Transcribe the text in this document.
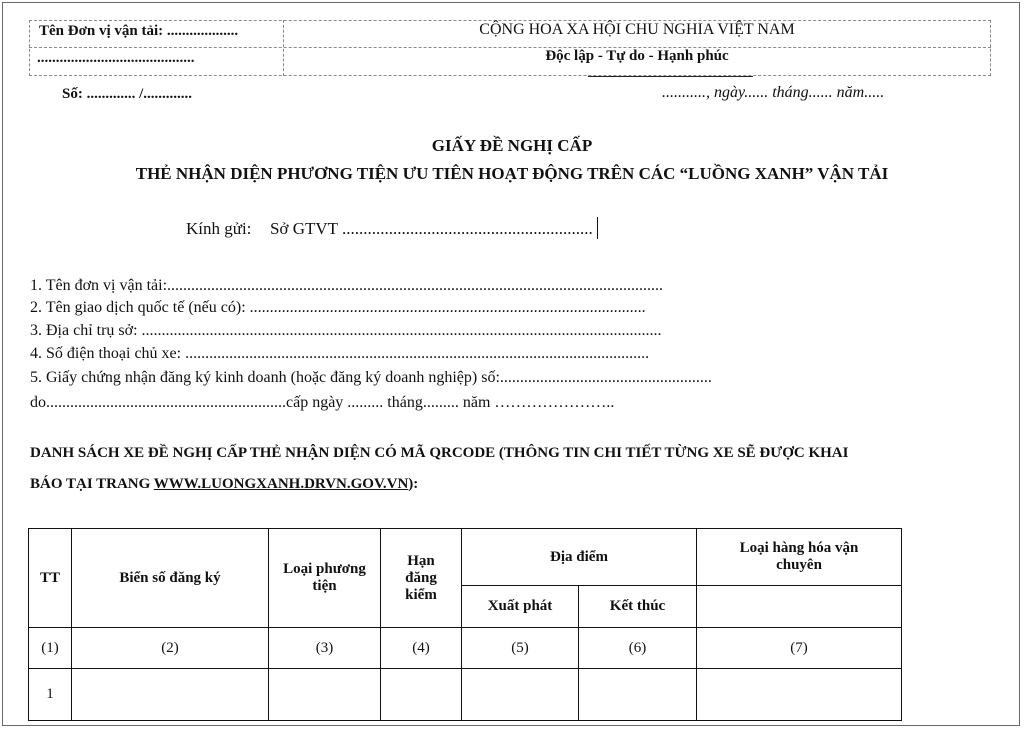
Tên Đơn vị vận tải: ...................
..........................................
CỘNG HOA XA HỘI CHU NGHIA VIỆT NAM
Độc lập - Tự do - Hạnh phúc
Số: ............. /.............	..........., ngày...... tháng...... năm.....
GIẤY ĐỀ NGHỊ CẤP
THẺ NHẬN DIỆN PHƯƠNG TIỆN ƯU TIÊN HOẠT ĐỘNG TRÊN CÁC “LUỒNG XANH” VẬN TẢI
Kính gửi: Sở GTVT ...........................................................
1. Tên đơn vị vận tải:............................................................................................................................
2. Tên giao dịch quốc tế (nếu có): ...................................................................................................
3. Địa chỉ trụ sở: ..................................................................................................................................
4. Số điện thoại chủ xe: ....................................................................................................................
5. Giấy chứng nhận đăng ký kinh doanh (hoặc đăng ký doanh nghiệp) số:.....................................................
do............................................................cấp ngày ......... tháng......... năm …………………..
DANH SÁCH XE ĐỀ NGHỊ CẤP THẺ NHẬN DIỆN CÓ MÃ QRCODE (THÔNG TIN CHI TIẾT TỪNG XE SẼ ĐƯỢC KHAI
BÁO TẠI TRANG WWW.LUONGXANH.DRVN.GOV.VN):
TT	Biển số đăng ký	Loại phương tiện	Hạn đăng kiểm	Địa điểm		Loại hàng hóa vận chuyên
				Xuất phát	Kết thúc	
(1)	(2)	(3)	(4)	(5)	(6)	(7)
1						
